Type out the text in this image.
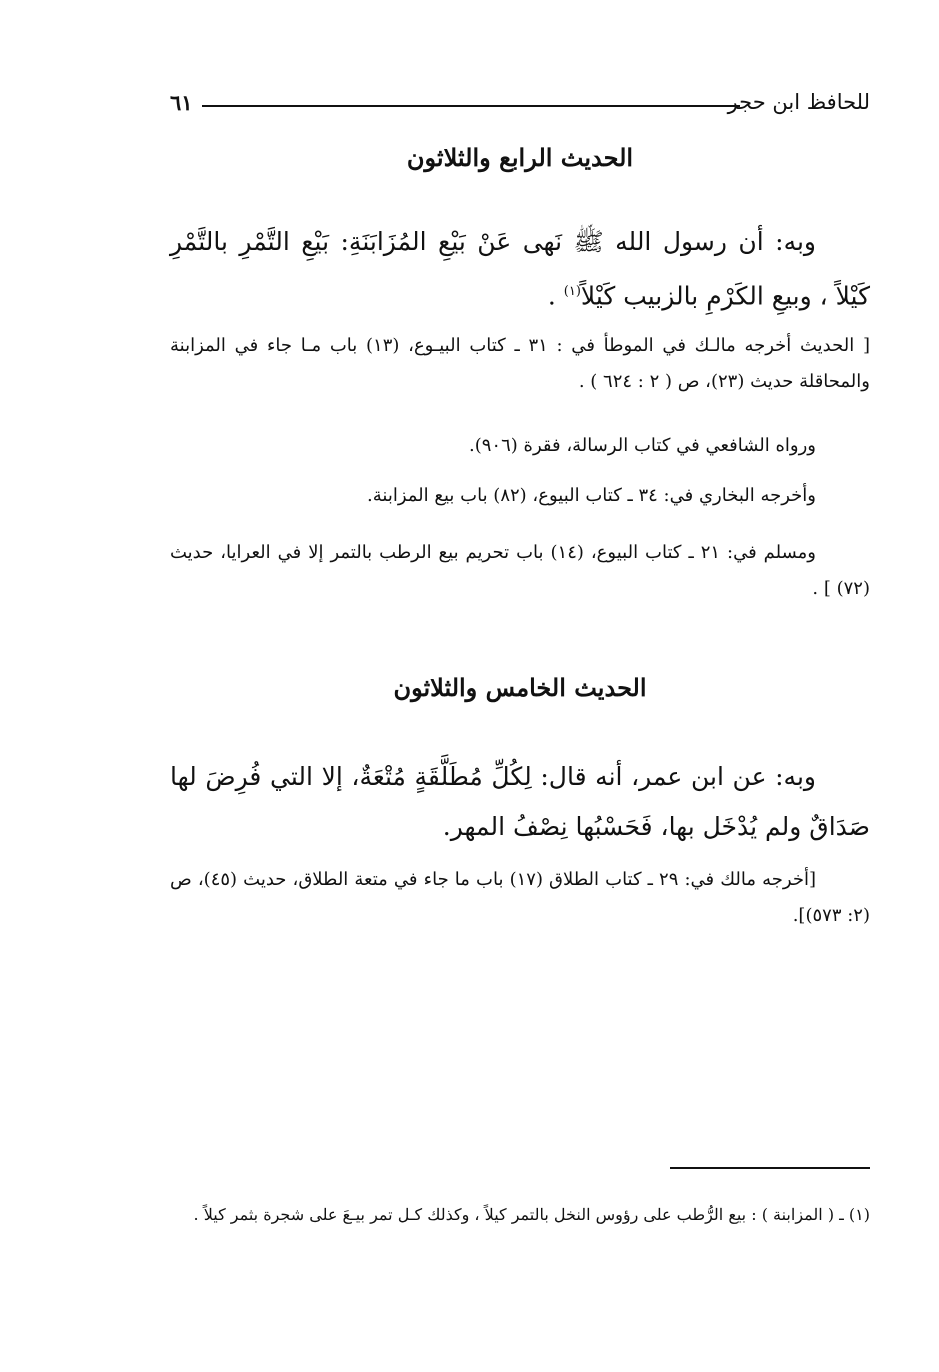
للحافظ ابن حجر
٦١
الحديث الرابع والثلاثون

وبه: أن رسول الله ﷺ نَهى عَنْ بَيْعِ المُزَابَنَةِ: بَيْعِ التَّمْرِ بالتَّمْرِ كَيْلاً ، وبيعِ الكَرْمِ بالزبيب كَيْلاً$^{(١)}$ .

[ الحديث أخرجه مالـك في الموطأ في : ٣١ ـ كتاب البيـوع، (١٣) باب مـا جاء في المزابنة والمحاقلة حديث (٢٣)، ص ( ٢ : ٦٢٤ ) .

ورواه الشافعي في كتاب الرسالة، فقرة (٩٠٦).

وأخرجه البخاري في: ٣٤ ـ كتاب البيوع، (٨٢) باب بيع المزابنة.

ومسلم في: ٢١ ـ كتاب البيوع، (١٤) باب تحريم بيع الرطب بالتمر إلا في العرايا، حديث (٧٢) ] .

الحديث الخامس والثلاثون

وبه: عن ابن عمر، أنه قال: لِكُلِّ مُطَلَّقَةٍ مُتْعَةٌ، إلا التي فُرِضَ لها صَدَاقٌ ولم يُدْخَل بها، فَحَسْبُها نِصْفُ المهر.

[أخرجه مالك في: ٢٩ ـ كتاب الطلاق (١٧) باب ما جاء في متعة الطلاق، حديث (٤٥)، ص (٢: ٥٧٣)].

(١) ـ ( المزابنة ) : بيع الرُّطب على رؤوس النخل بالتمر كيلاً ، وكذلك كـل تمر بيـعَ على شجرة بثمر كيلاً .
